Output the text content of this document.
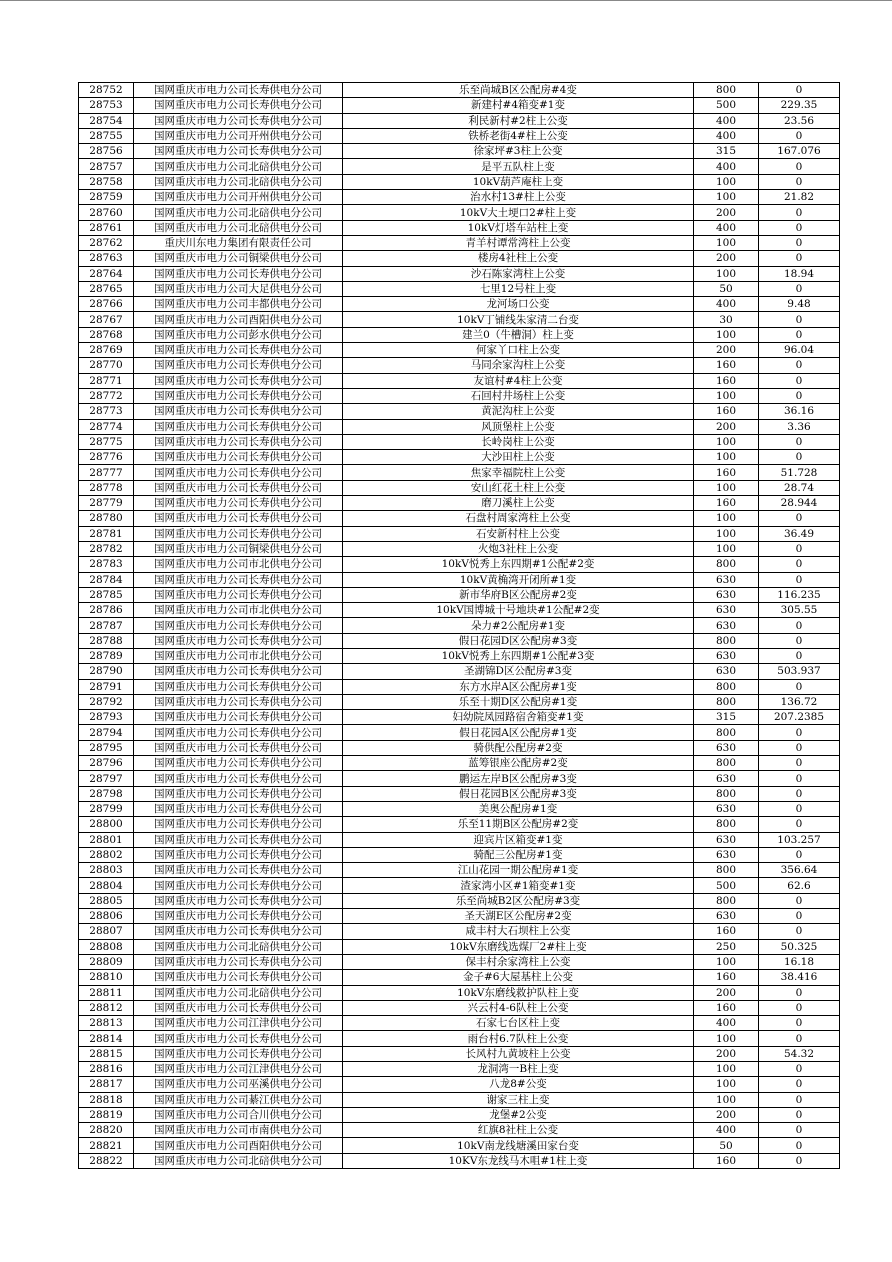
28752	国网重庆市电力公司长寿供电分公司	乐至尚城B区公配房#4变	800	0
28753	国网重庆市电力公司长寿供电分公司	新建村#4箱变#1变	500	229.35
28754	国网重庆市电力公司长寿供电分公司	利民新村#2柱上公变	400	23.56
28755	国网重庆市电力公司开州供电分公司	铁桥老街4#柱上公变	400	0
28756	国网重庆市电力公司长寿供电分公司	徐家坪#3柱上公变	315	167.076
28757	国网重庆市电力公司北碚供电分公司	是平五队柱上变	400	0
28758	国网重庆市电力公司北碚供电分公司	10kV葫芦庵柱上变	100	0
28759	国网重庆市电力公司开州供电分公司	治水村13#柱上公变	100	21.82
28760	国网重庆市电力公司北碚供电分公司	10kV大土埂口2#柱上变	200	0
28761	国网重庆市电力公司北碚供电分公司	10kV灯塔车站柱上变	400	0
28762	重庆川东电力集团有限责任公司	青羊村谭常湾柱上公变	100	0
28763	国网重庆市电力公司铜梁供电分公司	楼房4社柱上公变	200	0
28764	国网重庆市电力公司长寿供电分公司	沙石陈家湾柱上公变	100	18.94
28765	国网重庆市电力公司大足供电分公司	七里12号柱上变	50	0
28766	国网重庆市电力公司丰都供电分公司	龙河场口公变	400	9.48
28767	国网重庆市电力公司酉阳供电分公司	10kV丁铺线朱家清二台变	30	0
28768	国网重庆市电力公司彭水供电分公司	建兰0（牛槽洞）柱上变	100	0
28769	国网重庆市电力公司长寿供电分公司	何家丫口柱上公变	200	96.04
28770	国网重庆市电力公司长寿供电分公司	马同余家沟柱上公变	160	0
28771	国网重庆市电力公司长寿供电分公司	友谊村#4柱上公变	160	0
28772	国网重庆市电力公司长寿供电分公司	石回村井场柱上公变	100	0
28773	国网重庆市电力公司长寿供电分公司	黄泥沟柱上公变	160	36.16
28774	国网重庆市电力公司长寿供电分公司	风顶堡柱上公变	200	3.36
28775	国网重庆市电力公司长寿供电分公司	长岭岗柱上公变	100	0
28776	国网重庆市电力公司长寿供电分公司	大沙田柱上公变	100	0
28777	国网重庆市电力公司长寿供电分公司	焦家幸福院柱上公变	160	51.728
28778	国网重庆市电力公司长寿供电分公司	安山红花土柱上公变	100	28.74
28779	国网重庆市电力公司长寿供电分公司	磨刀溪柱上公变	160	28.944
28780	国网重庆市电力公司长寿供电分公司	石盘村周家湾柱上公变	100	0
28781	国网重庆市电力公司长寿供电分公司	石安新村柱上公变	100	36.49
28782	国网重庆市电力公司铜梁供电分公司	火炮3社柱上公变	100	0
28783	国网重庆市电力公司市北供电分公司	10kV悦秀上东四期#1公配#2变	800	0
28784	国网重庆市电力公司长寿供电分公司	10kV黄桷湾开闭所#1变	630	0
28785	国网重庆市电力公司长寿供电分公司	新市华府B区公配房#2变	630	116.235
28786	国网重庆市电力公司市北供电分公司	10kV国博城十号地块#1公配#2变	630	305.55
28787	国网重庆市电力公司长寿供电分公司	朵力#2公配房#1变	630	0
28788	国网重庆市电力公司长寿供电分公司	假日花园D区公配房#3变	800	0
28789	国网重庆市电力公司市北供电分公司	10kV悦秀上东四期#1公配#3变	630	0
28790	国网重庆市电力公司长寿供电分公司	圣湖锦D区公配房#3变	630	503.937
28791	国网重庆市电力公司长寿供电分公司	东方水岸A区公配房#1变	800	0
28792	国网重庆市电力公司长寿供电分公司	乐至十期D区公配房#1变	800	136.72
28793	国网重庆市电力公司长寿供电分公司	妇幼院凤园路宿舍箱变#1变	315	207.2385
28794	国网重庆市电力公司长寿供电分公司	假日花园A区公配房#1变	800	0
28795	国网重庆市电力公司长寿供电分公司	骑供配公配房#2变	630	0
28796	国网重庆市电力公司长寿供电分公司	蓝筹银座公配房#2变	800	0
28797	国网重庆市电力公司长寿供电分公司	鹏运左岸B区公配房#3变	630	0
28798	国网重庆市电力公司长寿供电分公司	假日花园B区公配房#3变	800	0
28799	国网重庆市电力公司长寿供电分公司	美奥公配房#1变	630	0
28800	国网重庆市电力公司长寿供电分公司	乐至11期B区公配房#2变	800	0
28801	国网重庆市电力公司长寿供电分公司	迎宾片区箱变#1变	630	103.257
28802	国网重庆市电力公司长寿供电分公司	骑配三公配房#1变	630	0
28803	国网重庆市电力公司长寿供电分公司	江山花园一期公配房#1变	800	356.64
28804	国网重庆市电力公司长寿供电分公司	渣家湾小区#1箱变#1变	500	62.6
28805	国网重庆市电力公司长寿供电分公司	乐至尚城B2区公配房#3变	800	0
28806	国网重庆市电力公司长寿供电分公司	圣天湖E区公配房#2变	630	0
28807	国网重庆市电力公司长寿供电分公司	咸丰村大石坝柱上公变	160	0
28808	国网重庆市电力公司北碚供电分公司	10kV东磨线选煤厂2#柱上变	250	50.325
28809	国网重庆市电力公司长寿供电分公司	保丰村余家湾柱上公变	100	16.18
28810	国网重庆市电力公司长寿供电分公司	金子#6大屋基柱上公变	160	38.416
28811	国网重庆市电力公司北碚供电分公司	10kV东磨线救护队柱上变	200	0
28812	国网重庆市电力公司长寿供电分公司	兴云村4-6队柱上公变	160	0
28813	国网重庆市电力公司江津供电分公司	石家七台区柱上变	400	0
28814	国网重庆市电力公司长寿供电分公司	雨台村6.7队柱上公变	100	0
28815	国网重庆市电力公司长寿供电分公司	长风村九黄坡柱上公变	200	54.32
28816	国网重庆市电力公司江津供电分公司	龙洞湾一B柱上变	100	0
28817	国网重庆市电力公司巫溪供电分公司	八龙8#公变	100	0
28818	国网重庆市电力公司綦江供电分公司	谢家三柱上变	100	0
28819	国网重庆市电力公司合川供电分公司	龙堡#2公变	200	0
28820	国网重庆市电力公司市南供电分公司	红旗8社柱上公变	400	0
28821	国网重庆市电力公司酉阳供电分公司	10kV南龙线塘溪田家台变	50	0
28822	国网重庆市电力公司北碚供电分公司	10KV东龙线马木咀#1柱上变	160	0
